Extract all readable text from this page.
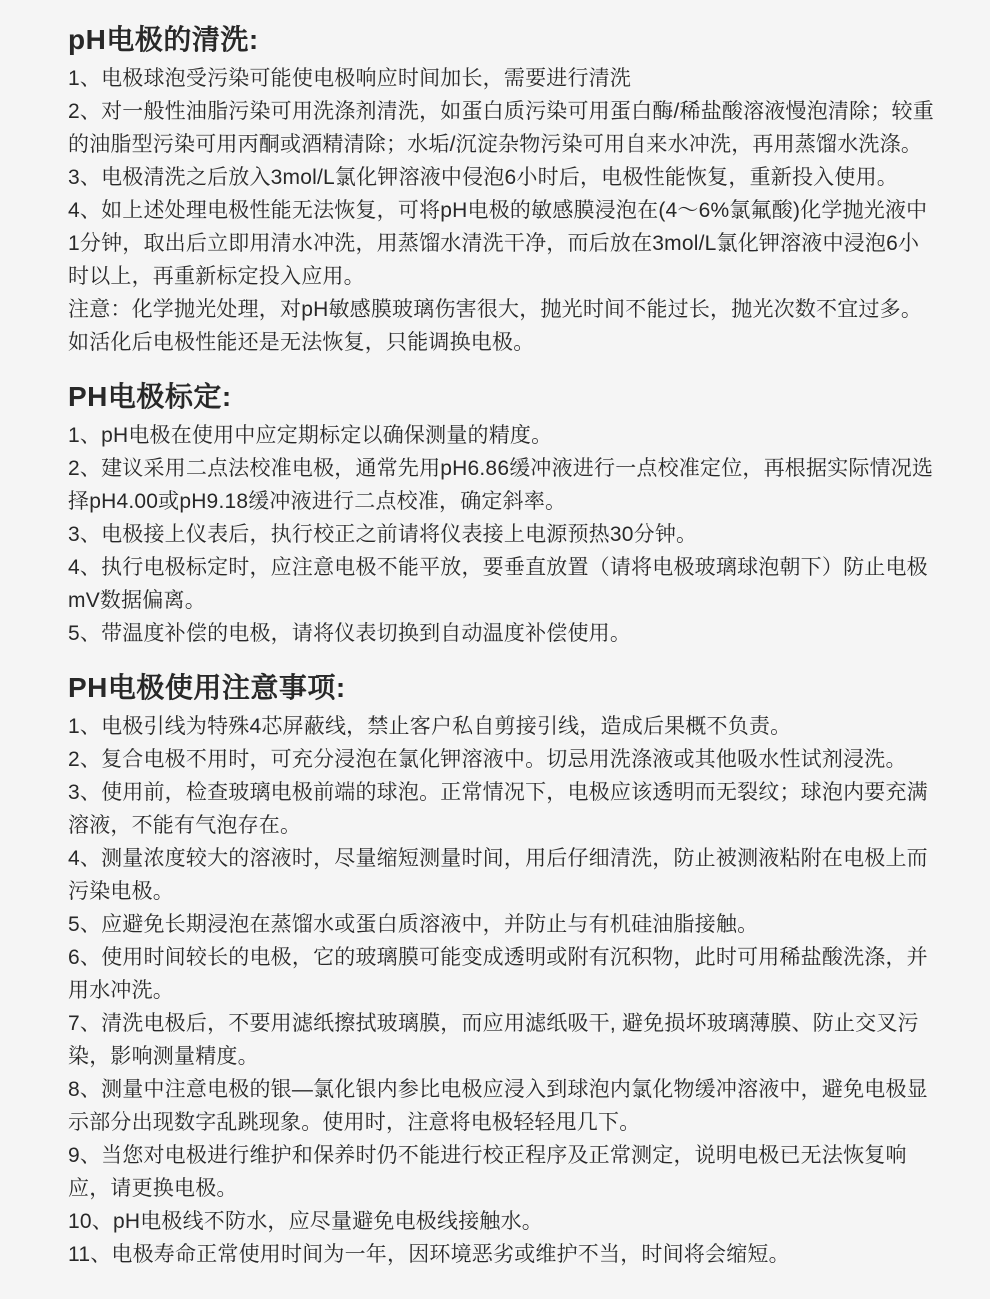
pH电极的清洗:

1、电极球泡受污染可能使电极响应时间加长，需要进行清洗

2、对一般性油脂污染可用洗涤剂清洗，如蛋白质污染可用蛋白酶/稀盐酸溶液慢泡清除；较重的油脂型污染可用丙酮或酒精清除；水垢/沉淀杂物污染可用自来水冲洗，再用蒸馏水洗涤。

3、电极清洗之后放入3mol/L氯化钾溶液中侵泡6小时后，电极性能恢复，重新投入使用。

4、如上述处理电极性能无法恢复，可将pH电极的敏感膜浸泡在(4～6%氯氟酸)化学抛光液中1分钟，取出后立即用清水冲洗，用蒸馏水清洗干净，而后放在3mol/L氯化钾溶液中浸泡6小时以上，再重新标定投入应用。

注意：化学抛光处理，对pH敏感膜玻璃伤害很大，抛光时间不能过长，抛光次数不宜过多。如活化后电极性能还是无法恢复，只能调换电极。

PH电极标定:

1、pH电极在使用中应定期标定以确保测量的精度。

2、建议采用二点法校准电极，通常先用pH6.86缓冲液进行一点校准定位，再根据实际情况选择pH4.00或pH9.18缓冲液进行二点校准，确定斜率。

3、电极接上仪表后，执行校正之前请将仪表接上电源预热30分钟。

4、执行电极标定时，应注意电极不能平放，要垂直放置（请将电极玻璃球泡朝下）防止电极mV数据偏离。

5、带温度补偿的电极，请将仪表切换到自动温度补偿使用。

PH电极使用注意事项:

1、电极引线为特殊4芯屏蔽线，禁止客户私自剪接引线，造成后果概不负责。

2、复合电极不用时，可充分浸泡在氯化钾溶液中。切忌用洗涤液或其他吸水性试剂浸洗。

3、使用前，检查玻璃电极前端的球泡。正常情况下，电极应该透明而无裂纹；球泡内要充满溶液，不能有气泡存在。

4、测量浓度较大的溶液时，尽量缩短测量时间，用后仔细清洗，防止被测液粘附在电极上而污染电极。

5、应避免长期浸泡在蒸馏水或蛋白质溶液中，并防止与有机硅油脂接触。

6、使用时间较长的电极，它的玻璃膜可能变成透明或附有沉积物，此时可用稀盐酸洗涤，并用水冲洗。

7、清洗电极后，不要用滤纸擦拭玻璃膜，而应用滤纸吸干, 避免损坏玻璃薄膜、防止交叉污染，影响测量精度。

8、测量中注意电极的银—氯化银内参比电极应浸入到球泡内氯化物缓冲溶液中，避免电极显示部分出现数字乱跳现象。使用时，注意将电极轻轻甩几下。

9、当您对电极进行维护和保养时仍不能进行校正程序及正常测定，说明电极已无法恢复响应，请更换电极。

10、pH电极线不防水，应尽量避免电极线接触水。

11、电极寿命正常使用时间为一年，因环境恶劣或维护不当，时间将会缩短。
